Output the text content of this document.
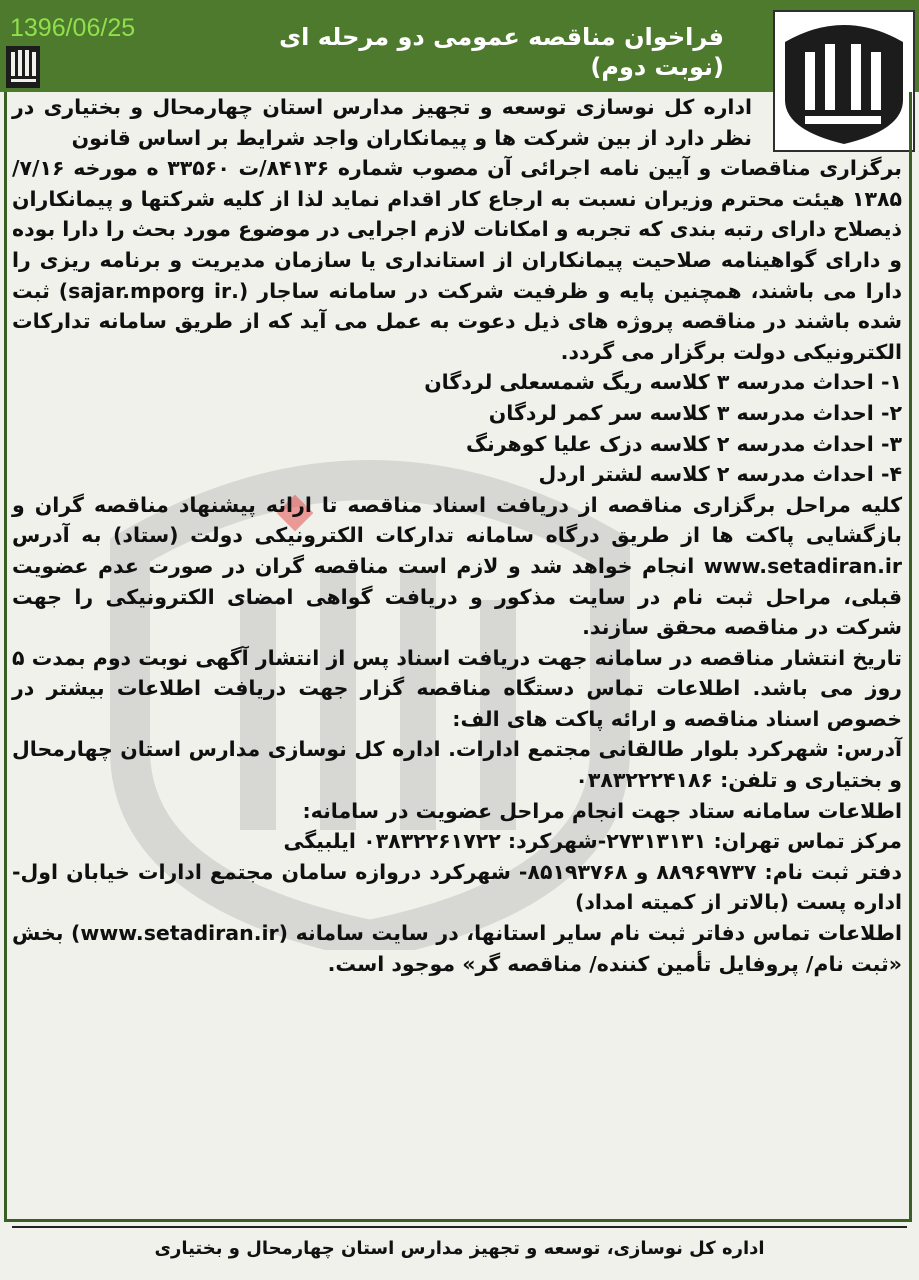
1396/06/25	فراخوان مناقصه عمومی دو مرحله ای (نوبت دوم)

اداره کل نوسازی توسعه و تجهیز مدارس استان چهارمحال و بختیاری در نظر دارد از بین شرکت ها و پیمانکاران واجد شرایط بر اساس قانون

برگزاری مناقصات و آیین نامه اجرائی آن مصوب شماره ۸۴۱۳۶/ت ۳۳۵۶۰ ه مورخه ۷/۱۶/ ۱۳۸۵ هیئت محترم وزیران نسبت به ارجاع کار اقدام نماید لذا از کلیه شرکتها و پیمانکاران ذیصلاح دارای رتبه بندی که تجربه و امکانات لازم اجرایی در موضوع مورد بحث را دارا بوده و دارای گواهینامه صلاحیت پیمانکاران از استانداری یا سازمان مدیریت و برنامه ریزی را دارا می باشند، همچنین پایه و ظرفیت شرکت در سامانه ساجار (.sajar.mporg ir) ثبت شده باشند در مناقصه پروژه های ذیل دعوت به عمل می آید که از طریق سامانه تدارکات الکترونیکی دولت برگزار می گردد.

۱- احداث مدرسه ۳ کلاسه ریگ شمسعلی لردگان
۲- احداث مدرسه ۳ کلاسه سر کمر لردگان
۳- احداث مدرسه ۲ کلاسه دزک علیا کوهرنگ
۴- احداث مدرسه ۲ کلاسه لشتر اردل

کلیه مراحل برگزاری مناقصه از دریافت اسناد مناقصه تا ارائه پیشنهاد مناقصه گران و بازگشایی پاکت ها از طریق درگاه سامانه تدارکات الکترونیکی دولت (ستاد) به آدرس www.setadiran.ir انجام خواهد شد و لازم است مناقصه گران در صورت عدم عضویت قبلی، مراحل ثبت نام در سایت مذکور و دریافت گواهی امضای الکترونیکی را جهت شرکت در مناقصه محقق سازند.

تاریخ انتشار مناقصه در سامانه جهت دریافت اسناد پس از انتشار آگهی نوبت دوم بمدت ۵ روز می باشد. اطلاعات تماس دستگاه مناقصه گزار جهت دریافت اطلاعات بیشتر در خصوص اسناد مناقصه و ارائه پاکت های الف:

آدرس: شهرکرد بلوار طالقانی مجتمع ادارات. اداره کل نوسازی مدارس استان چهارمحال و بختیاری و تلفن: ۰۳۸۳۲۲۲۴۱۸۶

اطلاعات سامانه ستاد جهت انجام مراحل عضویت در سامانه:

مرکز تماس تهران: ۲۷۳۱۳۱۳۱-شهرکرد: ۰۳۸۳۲۲۶۱۷۲۲ ایلبیگی

دفتر ثبت نام: ۸۸۹۶۹۷۳۷ و ۸۵۱۹۳۷۶۸- شهرکرد دروازه سامان مجتمع ادارات خیابان اول- اداره پست (بالاتر از کمیته امداد)

اطلاعات تماس دفاتر ثبت نام سایر استانها، در سایت سامانه (www.setadiran.ir) بخش «ثبت نام/ پروفایل تأمین کننده/ مناقصه گر» موجود است.

اداره کل نوسازی، توسعه و تجهیز مدارس استان چهارمحال و بختیاری
